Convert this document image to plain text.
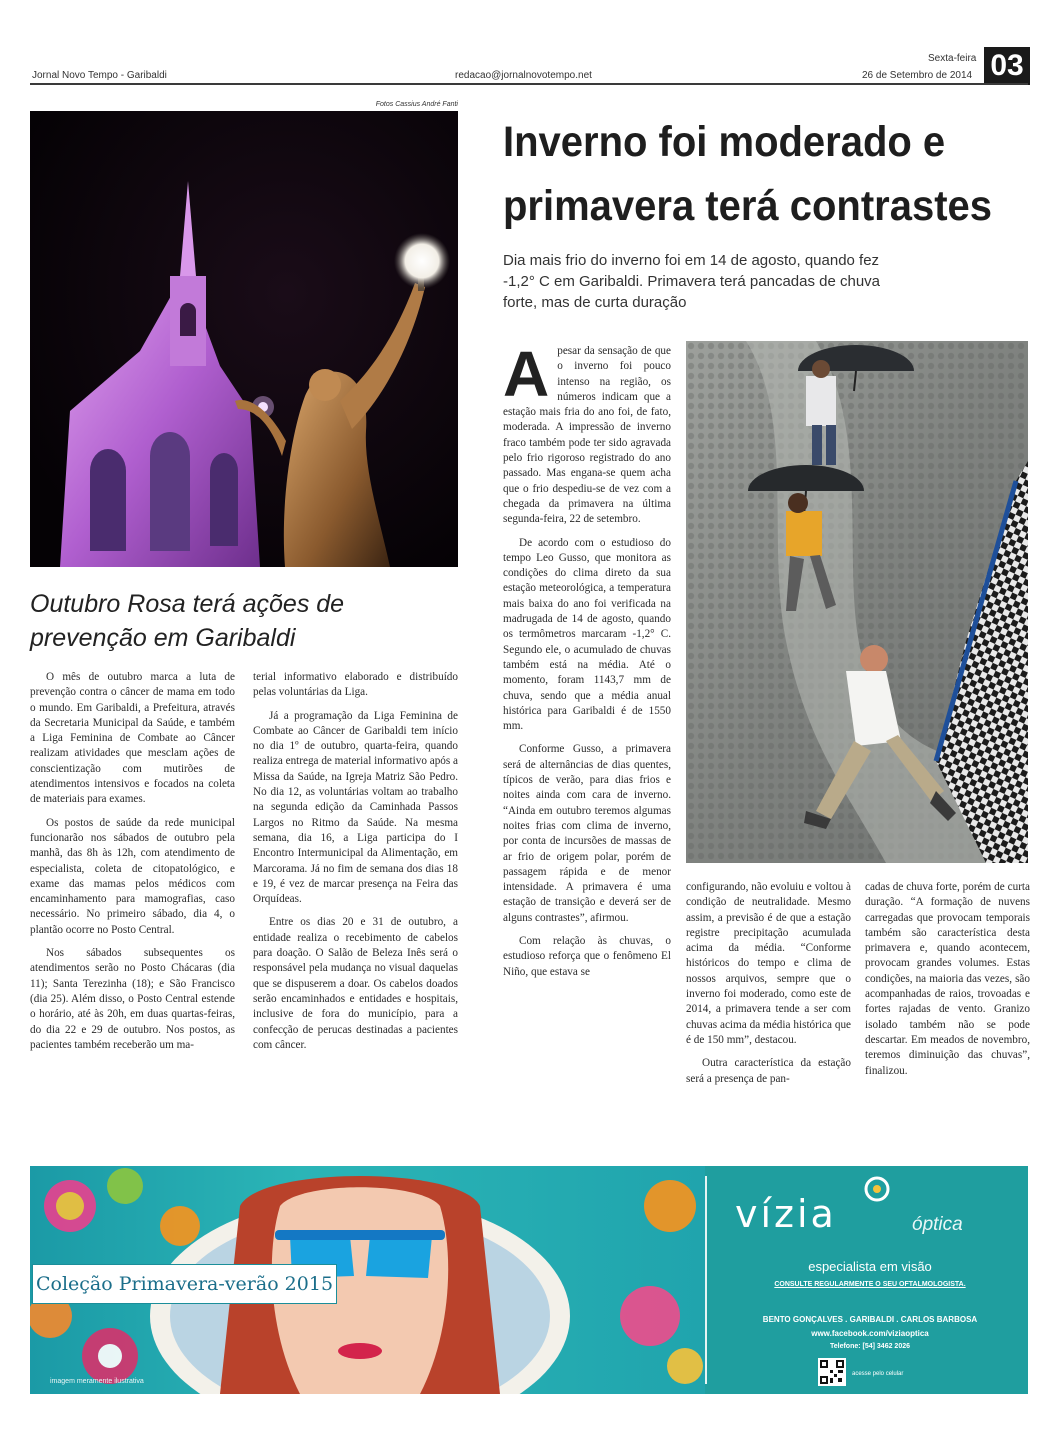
Jornal Novo Tempo - Garibaldi	redacao@jornalnovotempo.net
Sexta-feira
26 de Setembro de 2014 03
Fotos Cassius André Fanti
Inverno foi moderado e
primavera terá contrastes
Dia mais frio do inverno foi em 14 de agosto, quando fez -1,2° C em Garibaldi. Primavera terá pancadas de chuva forte, mas de curta duração

Apesar da sensação de que o inverno foi pouco intenso na região, os números indicam que a estação mais fria do ano foi, de fato, moderada. A impressão de inverno fraco também pode ter sido agravada pelo frio rigoroso registrado do ano passado. Mas engana-se quem acha que o frio despediu-se de vez com a chegada da primavera na última segunda-feira, 22 de setembro.

De acordo com o estudioso do tempo Leo Gusso, que monitora as condições do clima direto da sua estação meteorológica, a temperatura mais baixa do ano foi verificada na madrugada de 14 de agosto, quando os termômetros marcaram -1,2° C. Segundo ele, o acumulado de chuvas também está na média. Até o momento, foram 1143,7 mm de chuva, sendo que a média anual histórica para Garibaldi é de 1550 mm.

Conforme Gusso, a primavera será de alternâncias de dias quentes, típicos de verão, para dias frios e noites ainda com cara de inverno. “Ainda em outubro teremos algumas noites frias com clima de inverno, por conta de incursões de massas de ar frio de origem polar, porém de passagem rápida e de menor intensidade. A primavera é uma estação de transição e deverá ser de alguns contrastes”, afirmou.

Com relação às chuvas, o estudioso reforça que o fenômeno El Niño, que estava se

configurando, não evoluiu e voltou à condição de neutralidade. Mesmo assim, a previsão é de que a estação registre precipitação acumulada acima da média. “Conforme históricos do tempo e clima de nossos arquivos, sempre que o inverno foi moderado, como este de 2014, a primavera tende a ser com chuvas acima da média histórica que é de 150 mm”, destacou.

Outra característica da estação será a presença de pan-

cadas de chuva forte, porém de curta duração. “A formação de nuvens carregadas que provocam temporais também são característica desta primavera e, quando acontecem, provocam grandes volumes. Estas condições, na maioria das vezes, são acompanhadas de raios, trovoadas e fortes rajadas de vento. Granizo isolado também não se pode descartar. Em meados de novembro, teremos diminuição das chuvas”, finalizou.

Outubro Rosa terá ações de prevenção em Garibaldi

O mês de outubro marca a luta de prevenção contra o câncer de mama em todo o mundo. Em Garibaldi, a Prefeitura, através da Secretaria Municipal da Saúde, e também a Liga Feminina de Combate ao Câncer realizam atividades que mesclam ações de conscientização com mutirões de atendimentos intensivos e focados na coleta de materiais para exames.

Os postos de saúde da rede municipal funcionarão nos sábados de outubro pela manhã, das 8h às 12h, com atendimento de especialista, coleta de citopatológico, e exame das mamas pelos médicos com encaminhamento para mamografias, caso necessário. No primeiro sábado, dia 4, o plantão ocorre no Posto Central.

Nos sábados subsequentes os atendimentos serão no Posto Chácaras (dia 11); Santa Terezinha (18); e São Francisco (dia 25). Além disso, o Posto Central estende o horário, até às 20h, em duas quartas-feiras, do dia 22 e 29 de outubro. Nos postos, as pacientes também receberão um ma-

terial informativo elaborado e distribuído pelas voluntárias da Liga.

Já a programação da Liga Feminina de Combate ao Câncer de Garibaldi tem início no dia 1º de outubro, quarta-feira, quando realiza entrega de material informativo após a Missa da Saúde, na Igreja Matriz São Pedro. No dia 12, as voluntárias voltam ao trabalho na segunda edição da Caminhada Passos Largos no Ritmo da Saúde. Na mesma semana, dia 16, a Liga participa do I Encontro Intermunicipal da Alimentação, em Marcorama. Já no fim de semana dos dias 18 e 19, é vez de marcar presença na Feira das Orquídeas.

Entre os dias 20 e 31 de outubro, a entidade realiza o recebimento de cabelos para doação. O Salão de Beleza Inês será o responsável pela mudança no visual daquelas que se dispuserem a doar. Os cabelos doados serão encaminhados e entidades e hospitais, inclusive de fora do município, para a confecção de perucas destinadas a pacientes com câncer.

Coleção Primavera-verão 2015
imagem meramente ilustrativa
vízia	óptica
especialista em visão
CONSULTE REGULARMENTE O SEU OFTALMOLOGISTA.
BENTO GONÇALVES . GARIBALDI . CARLOS BARBOSA
www.facebook.com/viziaoptica
Telefone: [54] 3462 2026
acesse pelo celular
